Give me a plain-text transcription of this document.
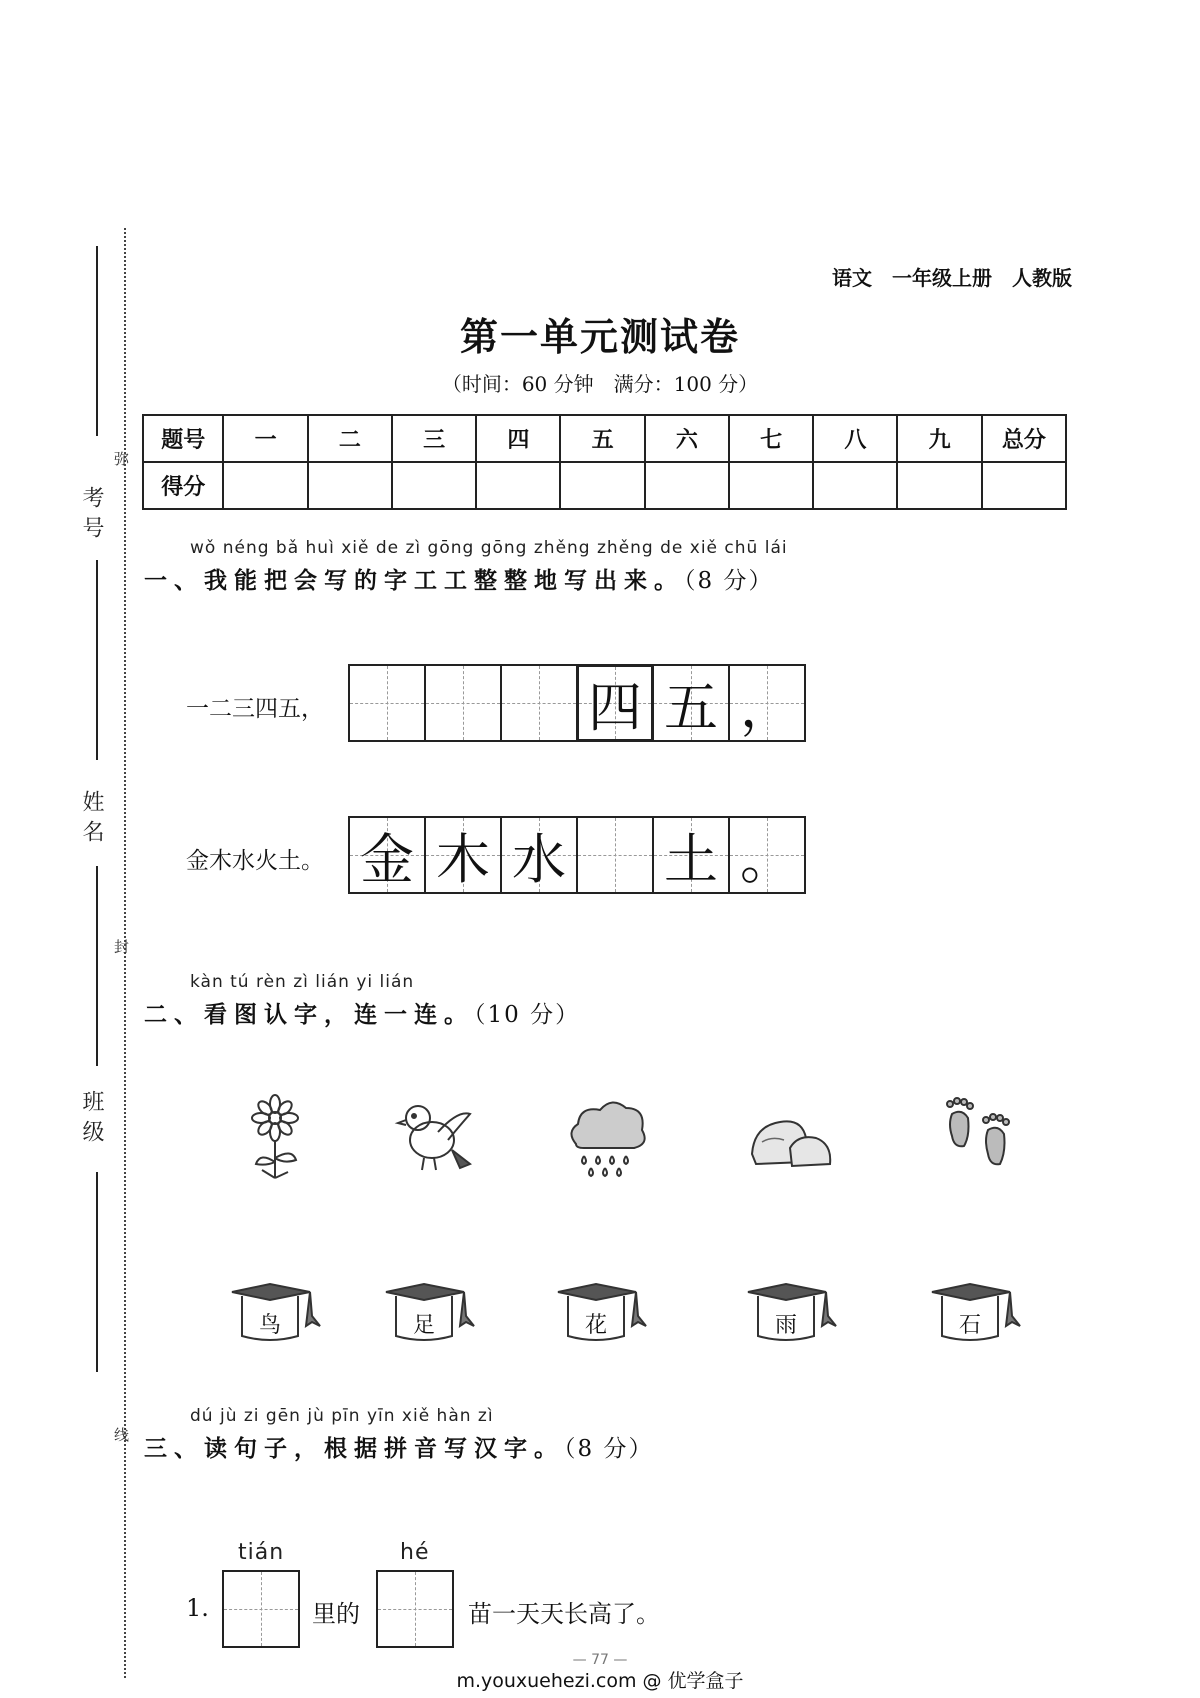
考号
姓名
班级
弥
封
线
语文　一年级上册　人教版
第一单元测试卷
（时间：60 分钟　满分：100 分）
题号	一	二	三	四	五	六	七	八	九	总分
得分										
wǒ néng bǎ huì xiě de zì gōng gōng zhěng zhěng de xiě chū lái
一、我能把会写的字工工整整地写出来。（8 分）
一二三四五，	四 五 ，
金木水火土。 金 木 水 土 。
kàn tú rèn zì lián yi lián
二、看图认字，连一连。（10 分）
鸟	足	花	雨	石
dú jù zi gēn jù pīn yīn xiě hàn zì
三、读句子，根据拼音写汉字。（8 分）
tián	hé
1.	里的	苗一天天长高了。
— 77 —
m.youxuehezi.com @ 优学盒子
